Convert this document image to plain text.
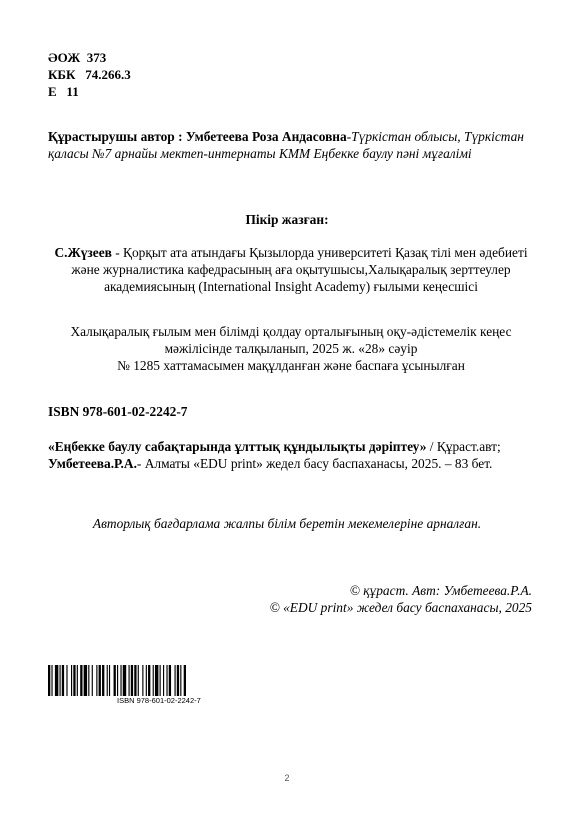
ӘОЖ  373
КБК   74.266.3
Е   11
Құрастырушы автор : Умбетеева Роза Андасовна-Түркістан облысы, Түркістан қаласы №7 арнайы мектеп-интернаты КММ Еңбекке баулу пәні мұғалімі
Пікір жазған:
С.Жүзеев - Қорқыт ата атындағы Қызылорда университеті Қазақ тілі мен әдебиеті және журналистика кафедрасының аға оқытушысы,Халықаралық зерттеулер академиясының (International Insight Academy) ғылыми кеңесшісі
Халықаралық ғылым мен білімді қолдау орталығының оқу-әдістемелік кеңес
мәжілісінде талқыланып, 2025 ж. «28» сәуір
№ 1285 хаттамасымен мақұлданған және баспаға ұсынылған
ISBN 978-601-02-2242-7
«Еңбекке баулу сабақтарында ұлттық құндылықты дәріптеу» / Құраст.авт; Умбетеева.Р.А.- Алматы «EDU print» жедел басу баспаханасы, 2025. – 83 бет.
Авторлық бағдарлама жалпы білім беретін мекемелеріне арналған.
© құраст. Авт: Умбетеева.Р.А.
© «EDU print» жедел басу баспаханасы, 2025
ISBN 978-601-02-2242-7
2
